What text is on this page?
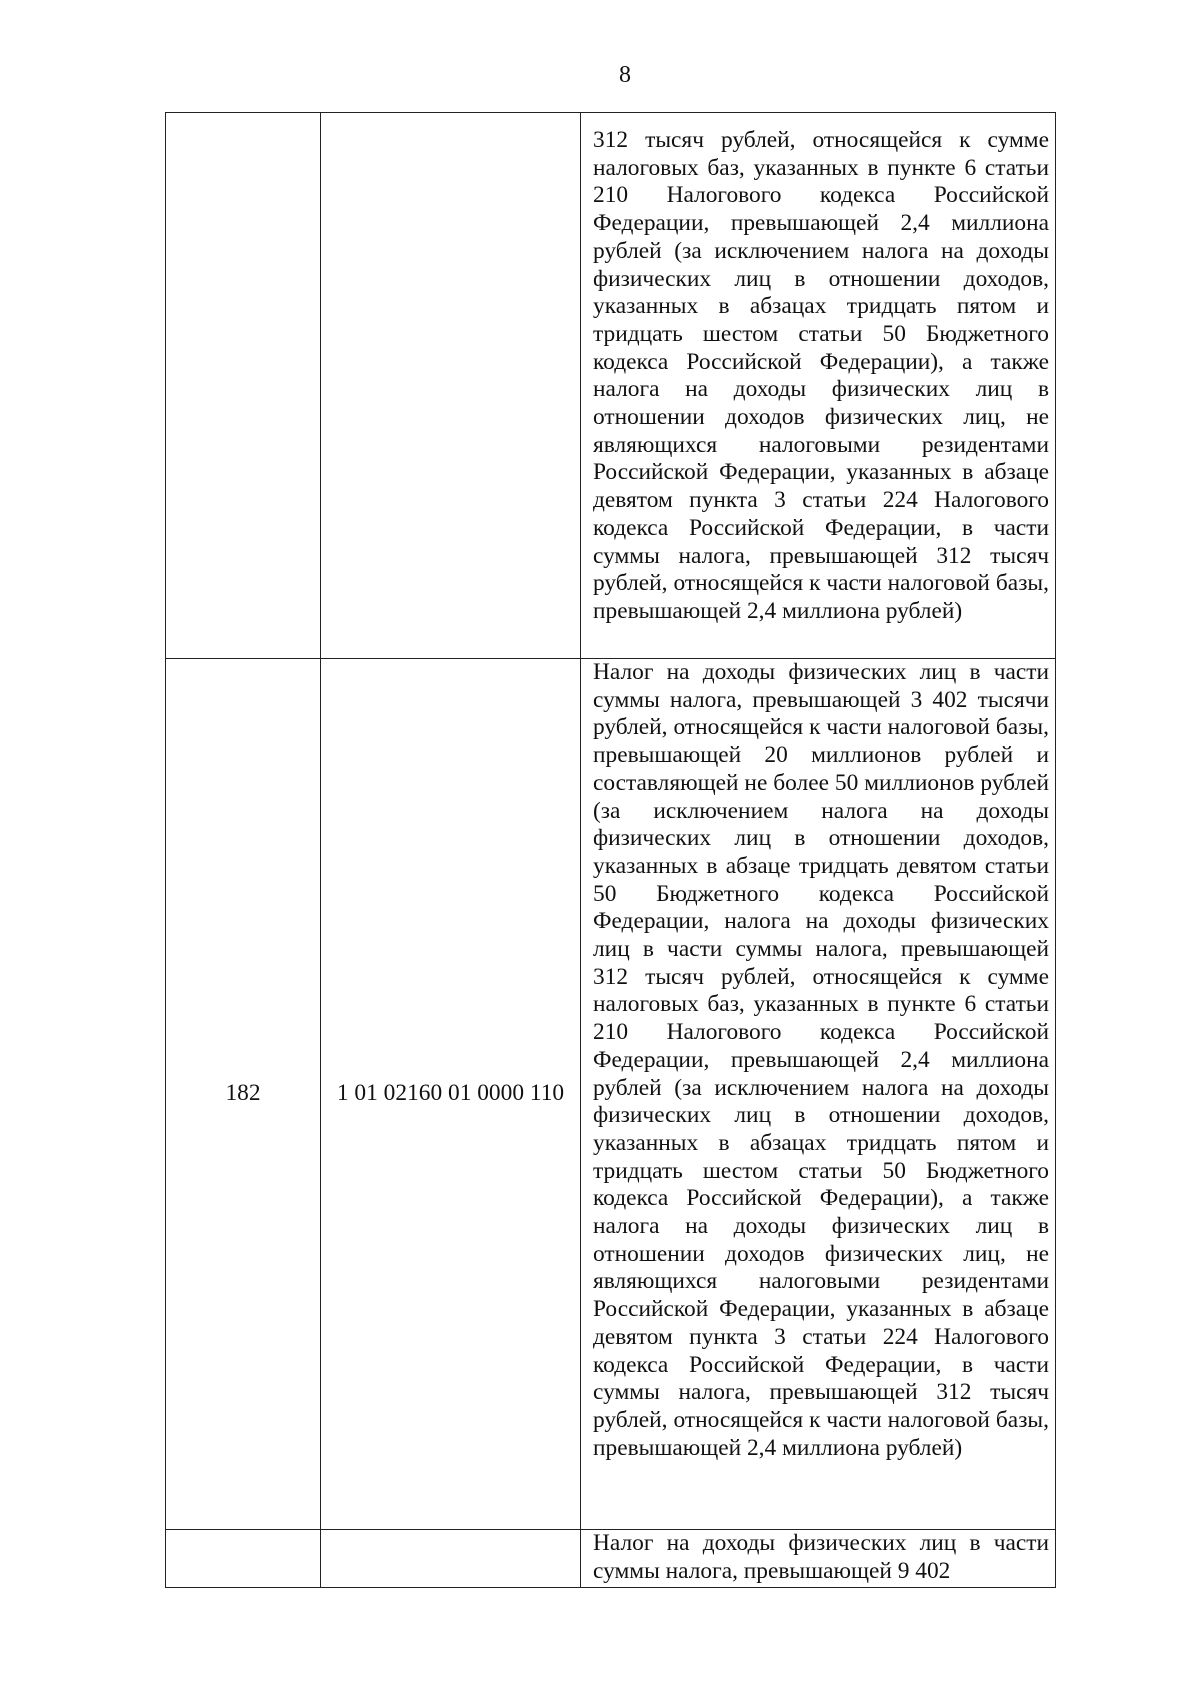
8

		312 тысяч рублей, относящейся к сумме налоговых баз, указанных в пункте 6 статьи 210 Налогового кодекса Российской Федерации, превышающей 2,4 миллиона рублей (за исключением налога на доходы физических лиц в отношении доходов, указанных в абзацах тридцать пятом и тридцать шестом статьи 50 Бюджетного кодекса Российской Федерации), а также налога на доходы физических лиц в отношении доходов физических лиц, не являющихся налоговыми резидентами Российской Федерации, указанных в абзаце девятом пункта 3 статьи 224 Налогового кодекса Российской Федерации, в части суммы налога, превышающей 312 тысяч рублей, относящейся к части налоговой базы, превышающей 2,4 миллиона рублей)

182	1 01 02160 01 0000 110	Налог на доходы физических лиц в части суммы налога, превышающей 3 402 тысячи рублей, относящейся к части налоговой базы, превышающей 20 миллионов рублей и составляющей не более 50 миллионов рублей (за исключением налога на доходы физических лиц в отношении доходов, указанных в абзаце тридцать девятом статьи 50 Бюджетного кодекса Российской Федерации, налога на доходы физических лиц в части суммы налога, превышающей 312 тысяч рублей, относящейся к сумме налоговых баз, указанных в пункте 6 статьи 210 Налогового кодекса Российской Федерации, превышающей 2,4 миллиона рублей (за исключением налога на доходы физических лиц в отношении доходов, указанных в абзацах тридцать пятом и тридцать шестом статьи 50 Бюджетного кодекса Российской Федерации), а также налога на доходы физических лиц в отношении доходов физических лиц, не являющихся налоговыми резидентами Российской Федерации, указанных в абзаце девятом пункта 3 статьи 224 Налогового кодекса Российской Федерации, в части суммы налога, превышающей 312 тысяч рублей, относящейся к части налоговой базы, превышающей 2,4 миллиона рублей)

		Налог на доходы физических лиц в части суммы налога, превышающей 9 402
